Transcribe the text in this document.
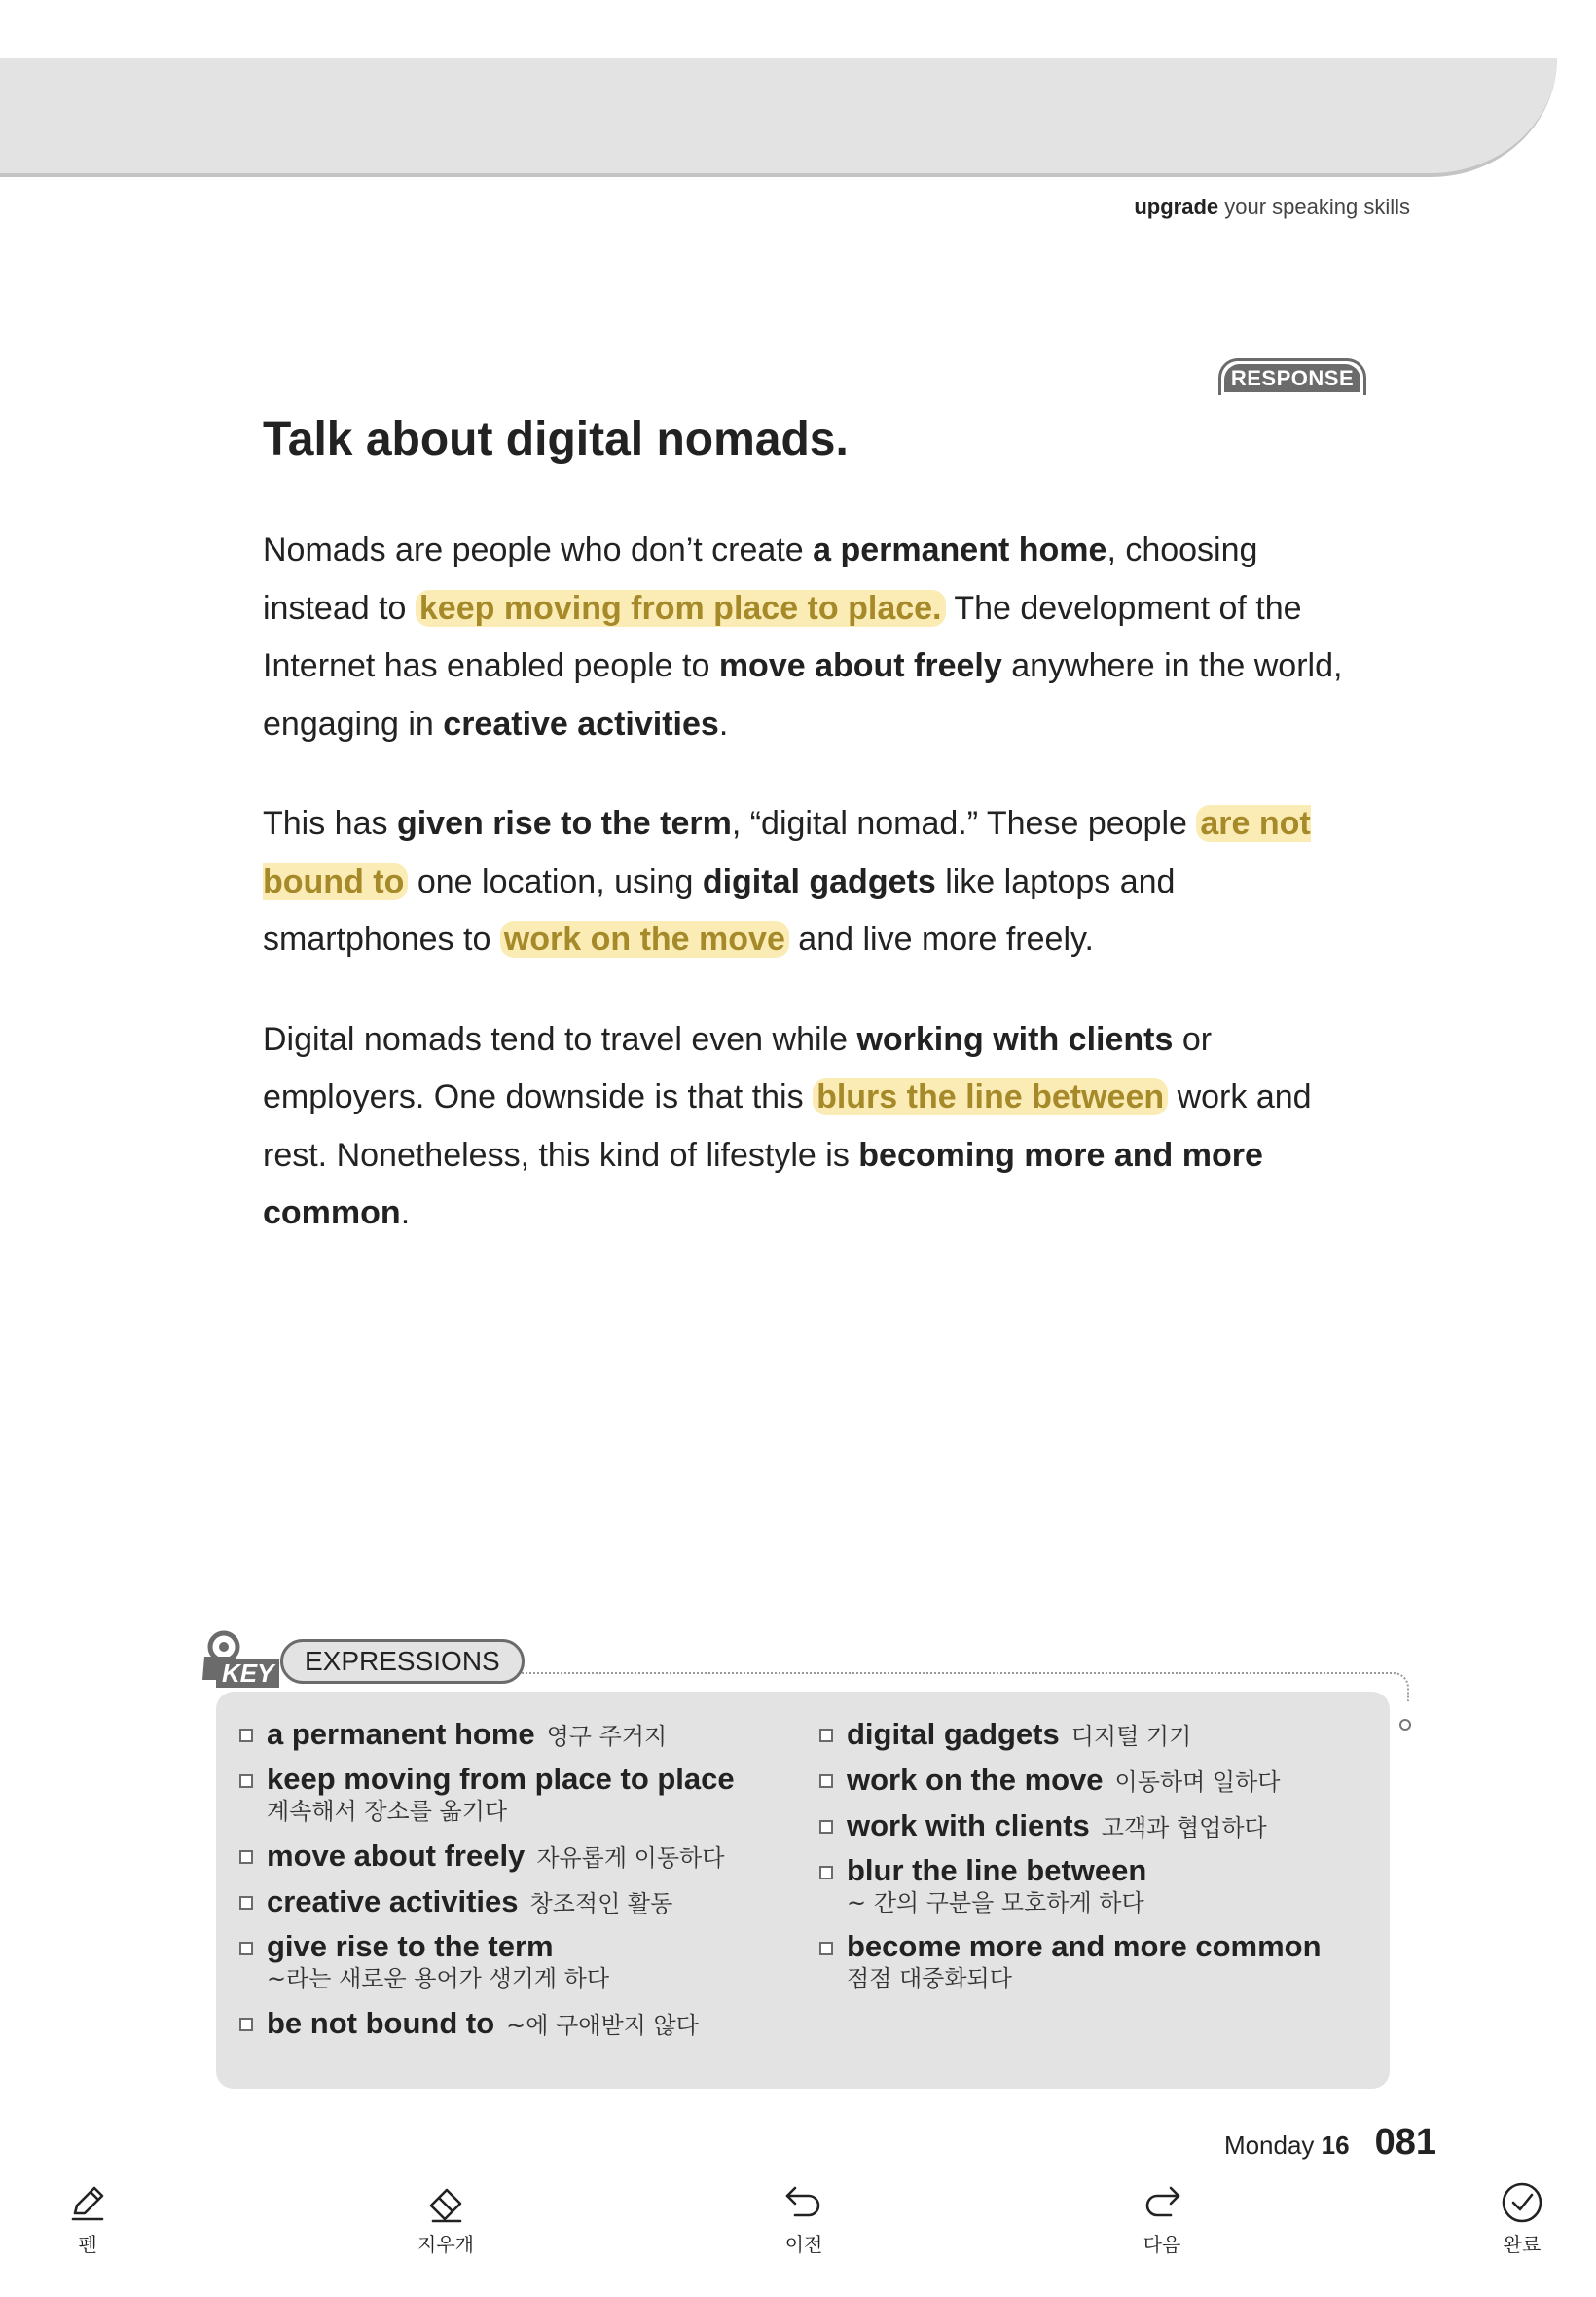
upgrade your speaking skills
RESPONSE
Talk about digital nomads.

Nomads are people who don’t create a permanent home, choosing instead to keep moving from place to place. The development of the Internet has enabled people to move about freely anywhere in the world, engaging in creative activities.

This has given rise to the term, “digital nomad.” These people are not bound to one location, using digital gadgets like laptops and smartphones to work on the move and live more freely.

Digital nomads tend to travel even while working with clients or employers. One downside is that this blurs the line between work and rest. Nonetheless, this kind of lifestyle is becoming more and more common.

KEY	EXPRESSIONS
a permanent home 영구 주거지
keep moving from place to place
계속해서 장소를 옮기다
move about freely 자유롭게 이동하다
creative activities 창조적인 활동
give rise to the term
~라는 새로운 용어가 생기게 하다
be not bound to ~에 구애받지 않다
digital gadgets 디지털 기기
work on the move 이동하며 일하다
work with clients 고객과 협업하다
blur the line between
~ 간의 구분을 모호하게 하다
become more and more common
점점 대중화되다
Monday 16 081
펜	지우개	이전	다음	완료
